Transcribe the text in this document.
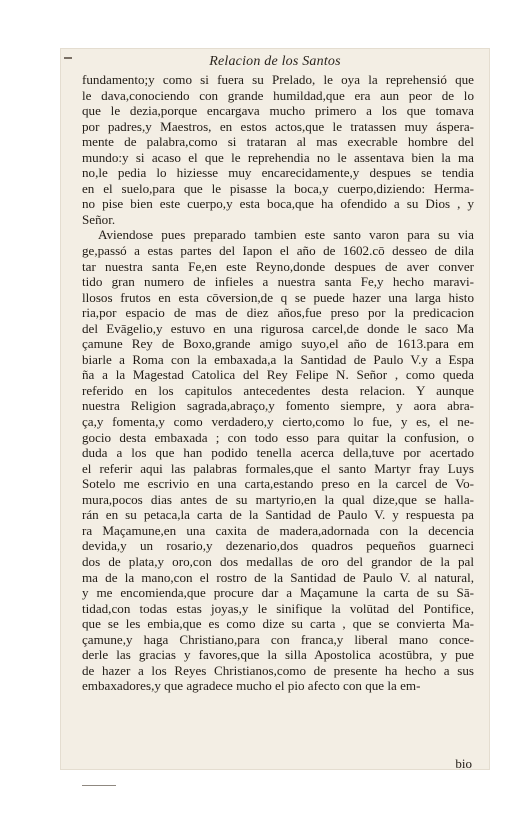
Relacion de los Santos
fundamento;y como si fuera su Prelado, le oya la reprehensió que
le dava,conociendo con grande humildad,que era aun peor de lo
que le dezia,porque encargava mucho primero a los que tomava
por padres,y Maestros, en estos actos,que le tratassen muy áspera-
mente de palabra,como si trataran al mas execrable hombre del
mundo:y si acaso el que le reprehendia no le assentava bien la ma
no,le pedia lo hiziesse muy encarecidamente,y despues se tendia
en el suelo,para que le pisasse la boca,y cuerpo,diziendo: Herma-
no pise bien este cuerpo,y esta boca,que ha ofendido a su Dios , y
Señor.
Aviendose pues preparado tambien este santo varon para su via
ge,passó a estas partes del Iapon el año de 1602.cō desseo de dila
tar nuestra santa Fe,en este Reyno,donde despues de aver conver
tido gran numero de infieles a nuestra santa Fe,y hecho maravi-
llosos frutos en esta cōversion,de q se puede hazer una larga histo
ria,por espacio de mas de diez años,fue preso por la predicacion
del Evāgelio,y estuvo en una rigurosa carcel,de donde le saco Ma
çamune Rey de Boxo,grande amigo suyo,el año de 1613.para em
biarle a Roma con la embaxada,a la Santidad de Paulo V.y a Espa
ña a la Magestad Catolica del Rey Felipe N. Señor , como queda
referido en los capitulos antecedentes desta relacion. Y aunque
nuestra Religion sagrada,abraço,y fomento siempre, y aora abra-
ça,y fomenta,y como verdadero,y cierto,como lo fue, y es, el ne-
gocio desta embaxada ; con todo esso para quitar la confusion, o
duda a los que han podido tenella acerca della,tuve por acertado
el referir aqui las palabras formales,que el santo Martyr fray Luys
Sotelo me escrivio en una carta,estando preso en la carcel de Vo-
mura,pocos dias antes de su martyrio,en la qual dize,que se halla-
rán en su petaca,la carta de la Santidad de Paulo V. y respuesta pa
ra Maçamune,en una caxita de madera,adornada con la decencia
devida,y un rosario,y dezenario,dos quadros pequeños guarneci
dos de plata,y oro,con dos medallas de oro del grandor de la pal
ma de la mano,con el rostro de la Santidad de Paulo V. al natural,
y me encomienda,que procure dar a Maçamune la carta de su Sā-
tidad,con todas estas joyas,y le sinifique la volūtad del Pontifice,
que se les embia,que es como dize su carta , que se convierta Ma-
çamune,y haga Christiano,para con franca,y liberal mano conce-
derle las gracias y favores,que la silla Apostolica acostūbra, y pue
de hazer a los Reyes Christianos,como de presente ha hecho a sus
embaxadores,y que agradece mucho el pio afecto con que la em-
bio
